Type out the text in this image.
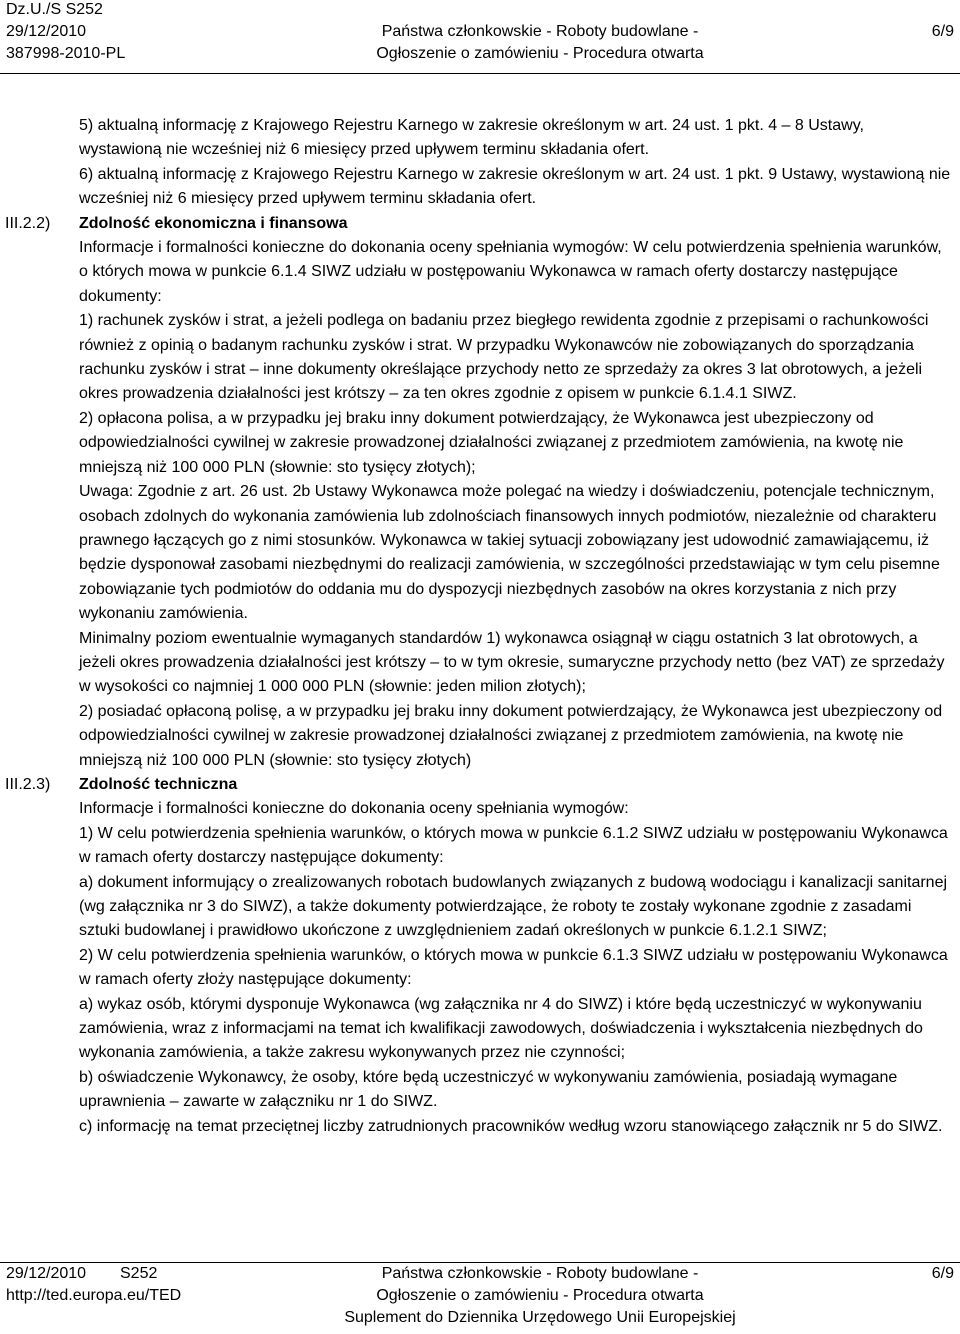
Dz.U./S S252
29/12/2010
387998-2010-PL
Państwa członkowskie - Roboty budowlane -
Ogłoszenie o zamówieniu - Procedura otwarta
6/9

5) aktualną informację z Krajowego Rejestru Karnego w zakresie określonym w art. 24 ust. 1 pkt. 4 – 8 Ustawy, wystawioną nie wcześniej niż 6 miesięcy przed upływem terminu składania ofert.

6) aktualną informację z Krajowego Rejestru Karnego w zakresie określonym w art. 24 ust. 1 pkt. 9 Ustawy, wystawioną nie wcześniej niż 6 miesięcy przed upływem terminu składania ofert.

III.2.2)	Zdolność ekonomiczna i finansowa

Informacje i formalności konieczne do dokonania oceny spełniania wymogów: W celu potwierdzenia spełnienia warunków, o których mowa w punkcie 6.1.4 SIWZ udziału w postępowaniu Wykonawca w ramach oferty dostarczy następujące dokumenty:

1) rachunek zysków i strat, a jeżeli podlega on badaniu przez biegłego rewidenta zgodnie z przepisami o rachunkowości również z opinią o badanym rachunku zysków i strat. W przypadku Wykonawców nie zobowiązanych do sporządzania rachunku zysków i strat – inne dokumenty określające przychody netto ze sprzedaży za okres 3 lat obrotowych, a jeżeli okres prowadzenia działalności jest krótszy – za ten okres zgodnie z opisem w punkcie 6.1.4.1 SIWZ.

2) opłacona polisa, a w przypadku jej braku inny dokument potwierdzający, że Wykonawca jest ubezpieczony od odpowiedzialności cywilnej w zakresie prowadzonej działalności związanej z przedmiotem zamówienia, na kwotę nie mniejszą niż 100 000 PLN (słownie: sto tysięcy złotych);

Uwaga: Zgodnie z art. 26 ust. 2b Ustawy Wykonawca może polegać na wiedzy i doświadczeniu, potencjale technicznym, osobach zdolnych do wykonania zamówienia lub zdolnościach finansowych innych podmiotów, niezależnie od charakteru prawnego łączących go z nimi stosunków. Wykonawca w takiej sytuacji zobowiązany jest udowodnić zamawiającemu, iż będzie dysponował zasobami niezbędnymi do realizacji zamówienia, w szczególności przedstawiając w tym celu pisemne zobowiązanie tych podmiotów do oddania mu do dyspozycji niezbędnych zasobów na okres korzystania z nich przy wykonaniu zamówienia.

Minimalny poziom ewentualnie wymaganych standardów 1) wykonawca osiągnął w ciągu ostatnich 3 lat obrotowych, a jeżeli okres prowadzenia działalności jest krótszy – to w tym okresie, sumaryczne przychody netto (bez VAT) ze sprzedaży w wysokości co najmniej 1 000 000 PLN (słownie: jeden milion złotych);

2) posiadać opłaconą polisę, a w przypadku jej braku inny dokument potwierdzający, że Wykonawca jest ubezpieczony od odpowiedzialności cywilnej w zakresie prowadzonej działalności związanej z przedmiotem zamówienia, na kwotę nie mniejszą niż 100 000 PLN (słownie: sto tysięcy złotych)

III.2.3)	Zdolność techniczna

Informacje i formalności konieczne do dokonania oceny spełniania wymogów:

1) W celu potwierdzenia spełnienia warunków, o których mowa w punkcie 6.1.2 SIWZ udziału w postępowaniu Wykonawca w ramach oferty dostarczy następujące dokumenty:

a) dokument informujący o zrealizowanych robotach budowlanych związanych z budową wodociągu i kanalizacji sanitarnej (wg załącznika nr 3 do SIWZ), a także dokumenty potwierdzające, że roboty te zostały wykonane zgodnie z zasadami sztuki budowlanej i prawidłowo ukończone z uwzględnieniem zadań określonych w punkcie 6.1.2.1 SIWZ;

2) W celu potwierdzenia spełnienia warunków, o których mowa w punkcie 6.1.3 SIWZ udziału w postępowaniu Wykonawca w ramach oferty złoży następujące dokumenty:

a) wykaz osób, którymi dysponuje Wykonawca (wg załącznika nr 4 do SIWZ) i które będą uczestniczyć w wykonywaniu zamówienia, wraz z informacjami na temat ich kwalifikacji zawodowych, doświadczenia i wykształcenia niezbędnych do wykonania zamówienia, a także zakresu wykonywanych przez nie czynności;

b) oświadczenie Wykonawcy, że osoby, które będą uczestniczyć w wykonywaniu zamówienia, posiadają wymagane uprawnienia – zawarte w załączniku nr 1 do SIWZ.

c) informację na temat przeciętnej liczby zatrudnionych pracowników według wzoru stanowiącego załącznik nr 5 do SIWZ.

29/12/2010 S252
http://ted.europa.eu/TED
Państwa członkowskie - Roboty budowlane -
Ogłoszenie o zamówieniu - Procedura otwarta
Suplement do Dziennika Urzędowego Unii Europejskiej
6/9
